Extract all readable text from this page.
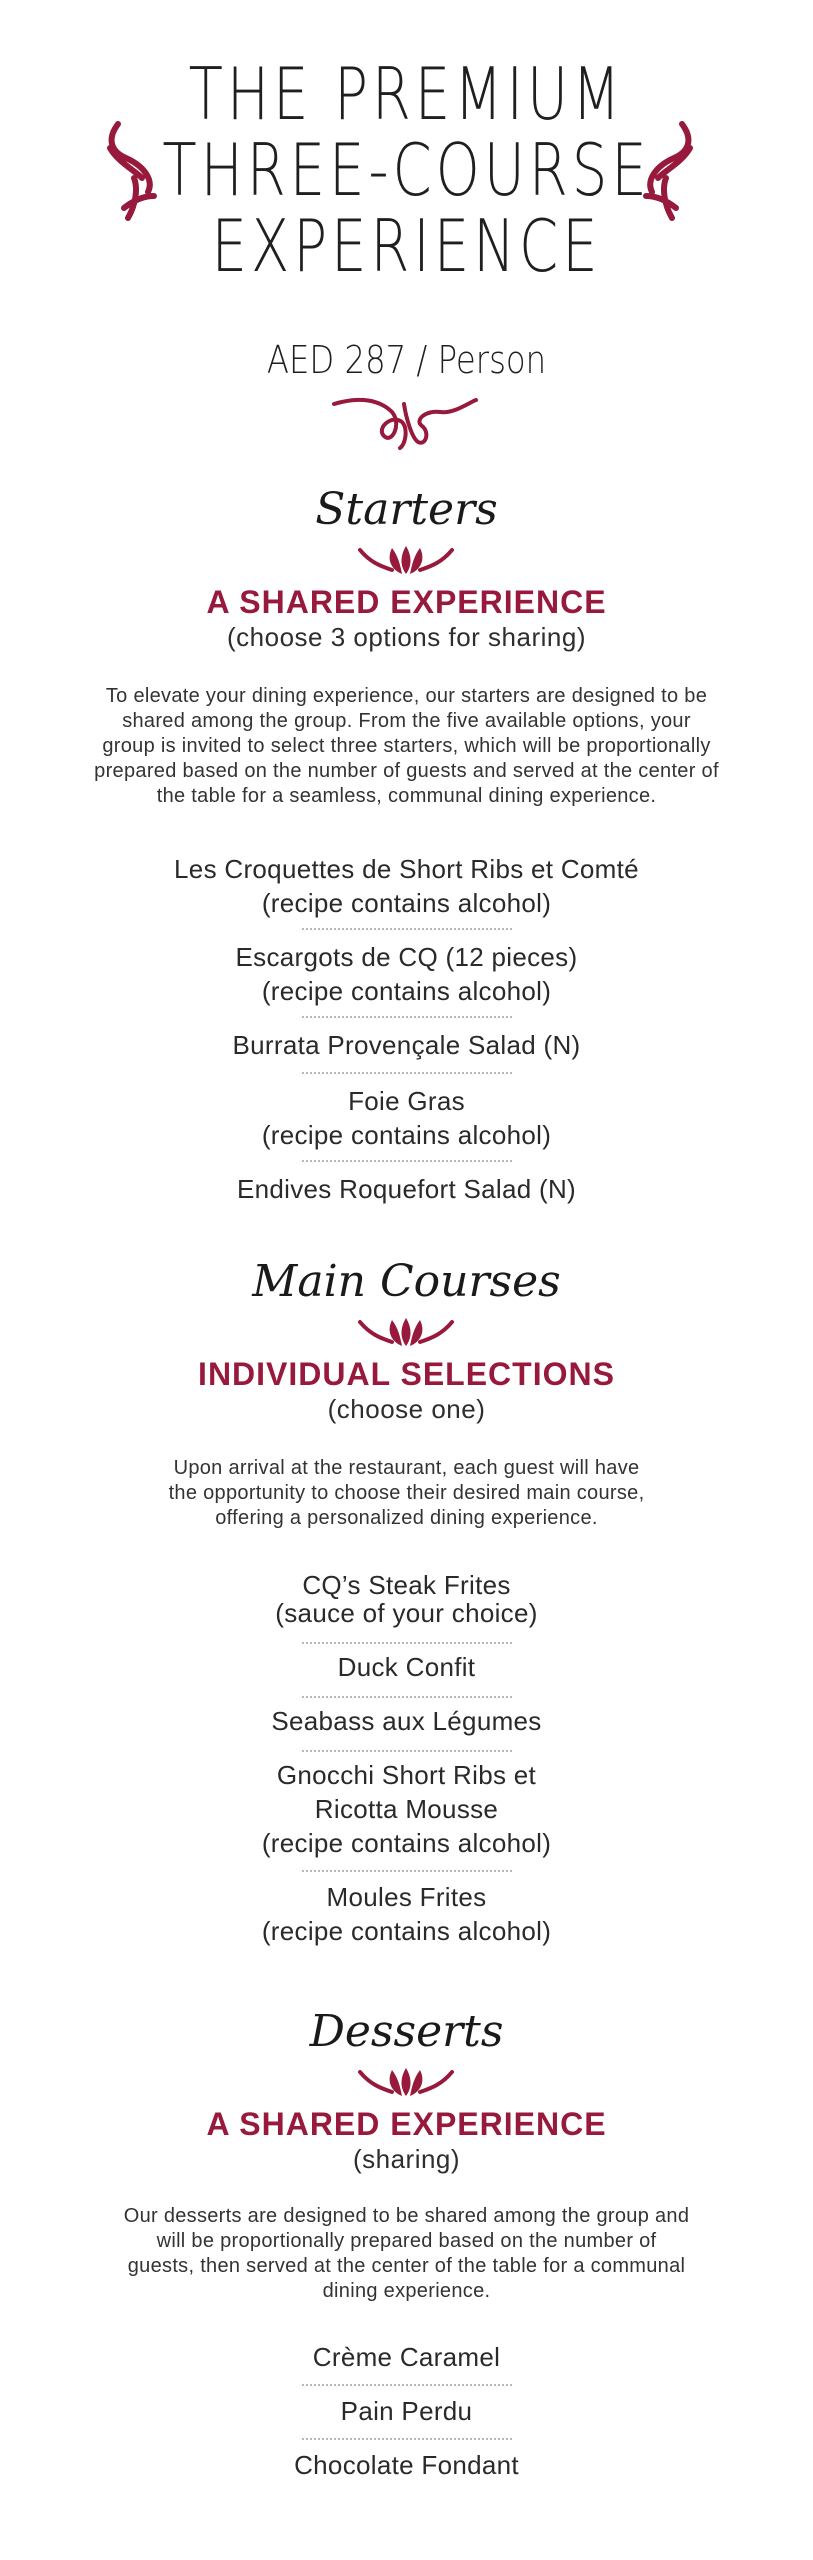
THE PREMIUM
THREE-COURSE
EXPERIENCE
AED 287 / Person
Starters
A SHARED EXPERIENCE
(choose 3 options for sharing)
To elevate your dining experience, our starters are designed to be
shared among the group. From the five available options, your
group is invited to select three starters, which will be proportionally
prepared based on the number of guests and served at the center of
the table for a seamless, communal dining experience.
Les Croquettes de Short Ribs et Comté
(recipe contains alcohol)
Escargots de CQ (12 pieces)
(recipe contains alcohol)
Burrata Provençale Salad (N)
Foie Gras
(recipe contains alcohol)
Endives Roquefort Salad (N)
Main Courses
INDIVIDUAL SELECTIONS
(choose one)
Upon arrival at the restaurant, each guest will have
the opportunity to choose their desired main course,
offering a personalized dining experience.
CQ’s Steak Frites
(sauce of your choice)
Duck Confit
Seabass aux Légumes
Gnocchi Short Ribs et
Ricotta Mousse
(recipe contains alcohol)
Moules Frites
(recipe contains alcohol)
Desserts
A SHARED EXPERIENCE
(sharing)
Our desserts are designed to be shared among the group and
will be proportionally prepared based on the number of
guests, then served at the center of the table for a communal
dining experience.
Crème Caramel
Pain Perdu
Chocolate Fondant
